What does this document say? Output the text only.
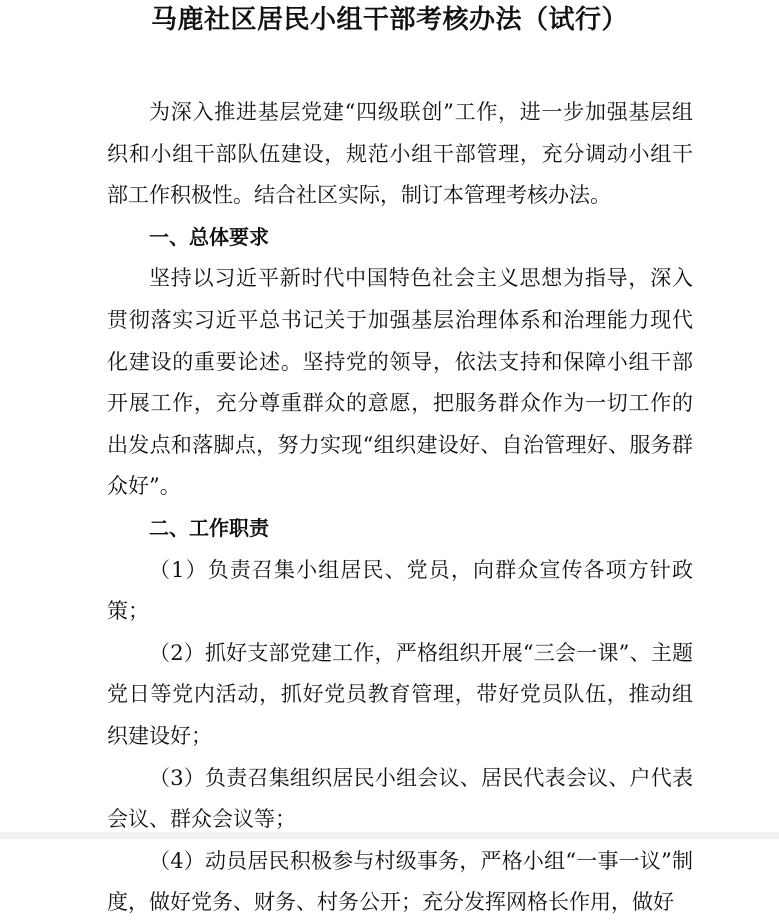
马鹿社区居民小组干部考核办法（试行）

为深入推进基层党建“四级联创”工作，进一步加强基层组织和小组干部队伍建设，规范小组干部管理，充分调动小组干部工作积极性。结合社区实际，制订本管理考核办法。

一、总体要求

坚持以习近平新时代中国特色社会主义思想为指导，深入贯彻落实习近平总书记关于加强基层治理体系和治理能力现代化建设的重要论述。坚持党的领导，依法支持和保障小组干部开展工作，充分尊重群众的意愿，把服务群众作为一切工作的出发点和落脚点，努力实现“组织建设好、自治管理好、服务群众好”。

二、工作职责

（1）负责召集小组居民、党员，向群众宣传各项方针政策；

（2）抓好支部党建工作，严格组织开展“三会一课”、主题党日等党内活动，抓好党员教育管理，带好党员队伍，推动组织建设好；

（3）负责召集组织居民小组会议、居民代表会议、户代表会议、群众会议等；

（4）动员居民积极参与村级事务，严格小组“一事一议”制度，做好党务、财务、村务公开；充分发挥网格长作用，做好
